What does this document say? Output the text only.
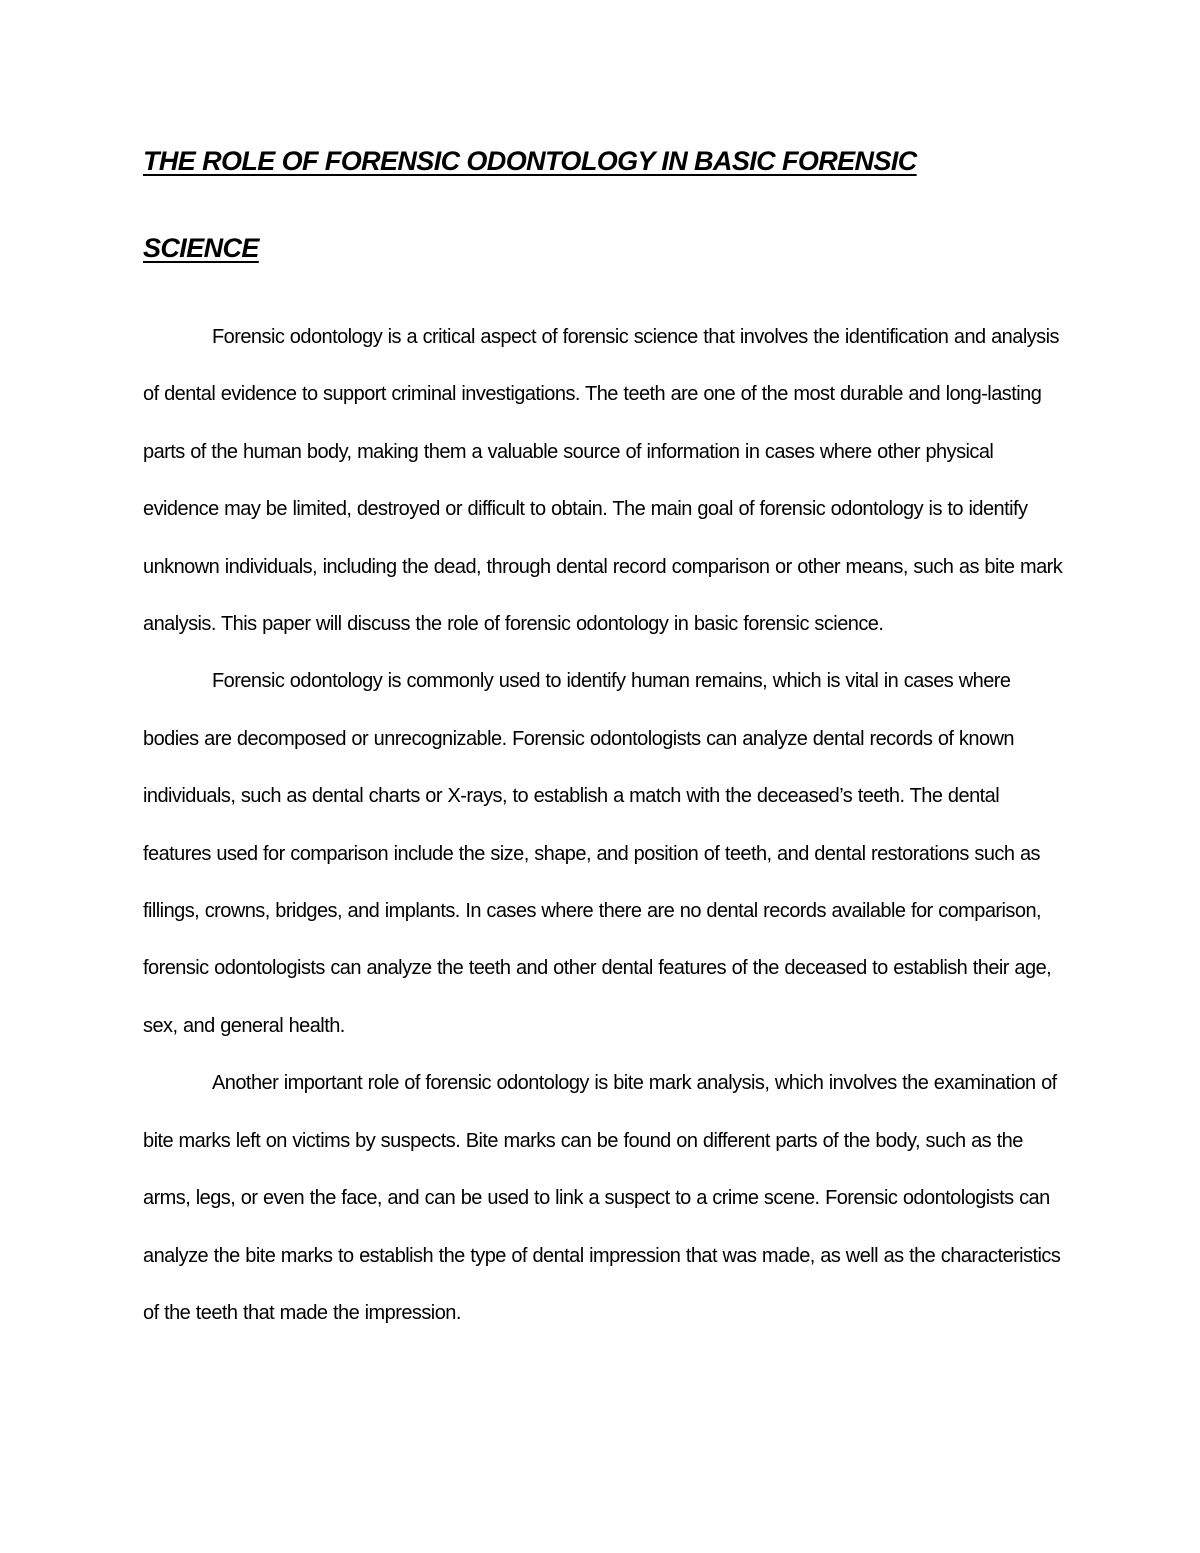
THE ROLE OF FORENSIC ODONTOLOGY IN BASIC FORENSIC
SCIENCE

Forensic odontology is a critical aspect of forensic science that involves the identification and analysis of dental evidence to support criminal investigations. The teeth are one of the most durable and long-lasting parts of the human body, making them a valuable source of information in cases where other physical evidence may be limited, destroyed or difficult to obtain. The main goal of forensic odontology is to identify unknown individuals, including the dead, through dental record comparison or other means, such as bite mark analysis. This paper will discuss the role of forensic odontology in basic forensic science.

Forensic odontology is commonly used to identify human remains, which is vital in cases where bodies are decomposed or unrecognizable. Forensic odontologists can analyze dental records of known individuals, such as dental charts or X-rays, to establish a match with the deceased’s teeth. The dental features used for comparison include the size, shape, and position of teeth, and dental restorations such as fillings, crowns, bridges, and implants. In cases where there are no dental records available for comparison, forensic odontologists can analyze the teeth and other dental features of the deceased to establish their age, sex, and general health.

Another important role of forensic odontology is bite mark analysis, which involves the examination of bite marks left on victims by suspects. Bite marks can be found on different parts of the body, such as the arms, legs, or even the face, and can be used to link a suspect to a crime scene. Forensic odontologists can analyze the bite marks to establish the type of dental impression that was made, as well as the characteristics of the teeth that made the impression.
